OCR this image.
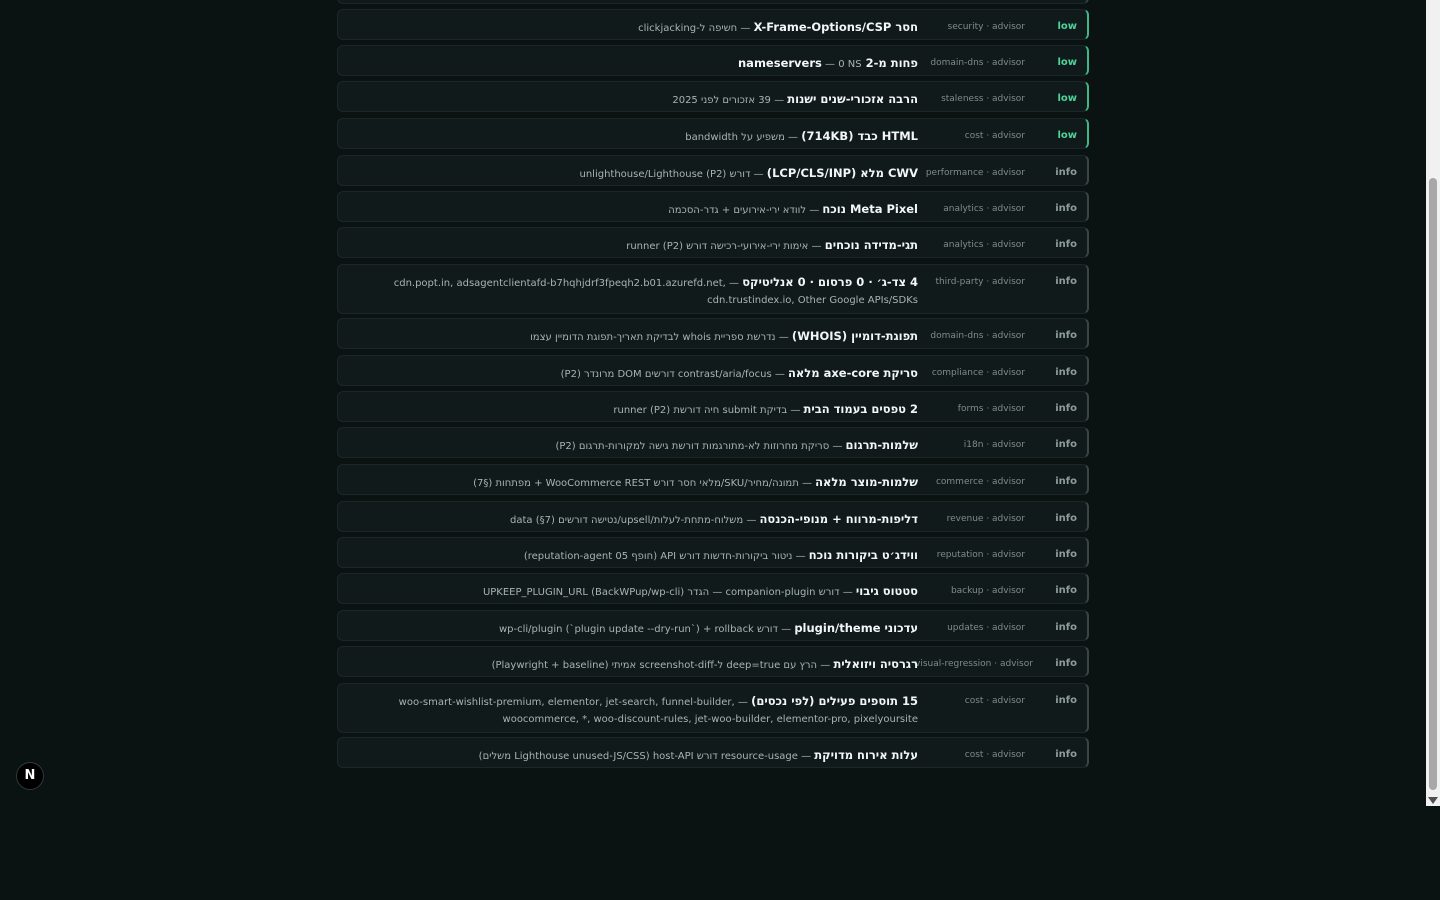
low
security · advisor
חסר X-Frame-Options/CSP — חשיפה ל-clickjacking
low
domain-dns · advisor
פחות מ-2 nameservers — 0 NS
low
staleness · advisor
הרבה אזכורי-שנים ישנות — 39 אזכורים לפני 2025
low
cost · advisor
HTML כבד (714KB) — משפיע על bandwidth
info
performance · advisor
CWV מלא (LCP/CLS/INP) — דורש unlighthouse/Lighthouse (P2)
info
analytics · advisor
Meta Pixel נוכח — לוודא ירי-אירועים + גדר-הסכמה
info
analytics · advisor
תגי-מדידה נוכחים — אימות ירי-אירועי-רכישה דורש runner (P2)
info
third-party · advisor
4 צד-ג׳ · 0 פרסום · 0 אנליטיקס — cdn.popt.in, adsagentclientafd-b7hqhjdrf3fpeqh2.b01.azurefd.net, cdn.trustindex.io, Other Google APIs/SDKs
info
domain-dns · advisor
תפוגת-דומיין (WHOIS) — נדרשת ספריית whois לבדיקת תאריך-תפוגת הדומיין עצמו
info
compliance · advisor
סריקת axe-core מלאה — contrast/aria/focus דורשים DOM מרונדר (P2)
info
forms · advisor
2 טפסים בעמוד הבית — בדיקת submit חיה דורשת runner (P2)
info
i18n · advisor
שלמות-תרגום — סריקת מחרוזות לא-מתורגמות דורשת גישה למקורות-תרגום (P2)
info
commerce · advisor
שלמות-מוצר מלאה — תמונה/מחיר/SKU/מלאי חסר דורש WooCommerce REST + מפתחות (§7)
info
revenue · advisor
דליפות-מרווח + מנופי-הכנסה — משלוח-מתחת-לעלות/upsell/נטישה דורשים data (§7)
info
reputation · advisor
ווידג׳ט ביקורות נוכח — ניטור ביקורות-חדשות דורש API (חופף 05 reputation-agent)
info
backup · advisor
סטטוס גיבוי — דורש companion-plugin — הגדר UPKEEP_PLUGIN_URL (BackWPup/wp-cli)
info
updates · advisor
עדכוני plugin/theme — דורש wp-cli/plugin (`plugin update --dry-run`) + rollback
info
visual-regression · advisor
רגרסיה ויזואלית — הרץ עם deep=true ל-screenshot-diff אמיתי (Playwright + baseline)
info
cost · advisor
15 תוספים פעילים (לפי נכסים) — woo-smart-wishlist-premium, elementor, jet-search, funnel-builder, woocommerce, *, woo-discount-rules, jet-woo-builder, elementor-pro, pixelyoursite
info
cost · advisor
עלות אירוח מדויקת — resource-usage דורש host-API (Lighthouse unused-JS/CSS משלים)
N
